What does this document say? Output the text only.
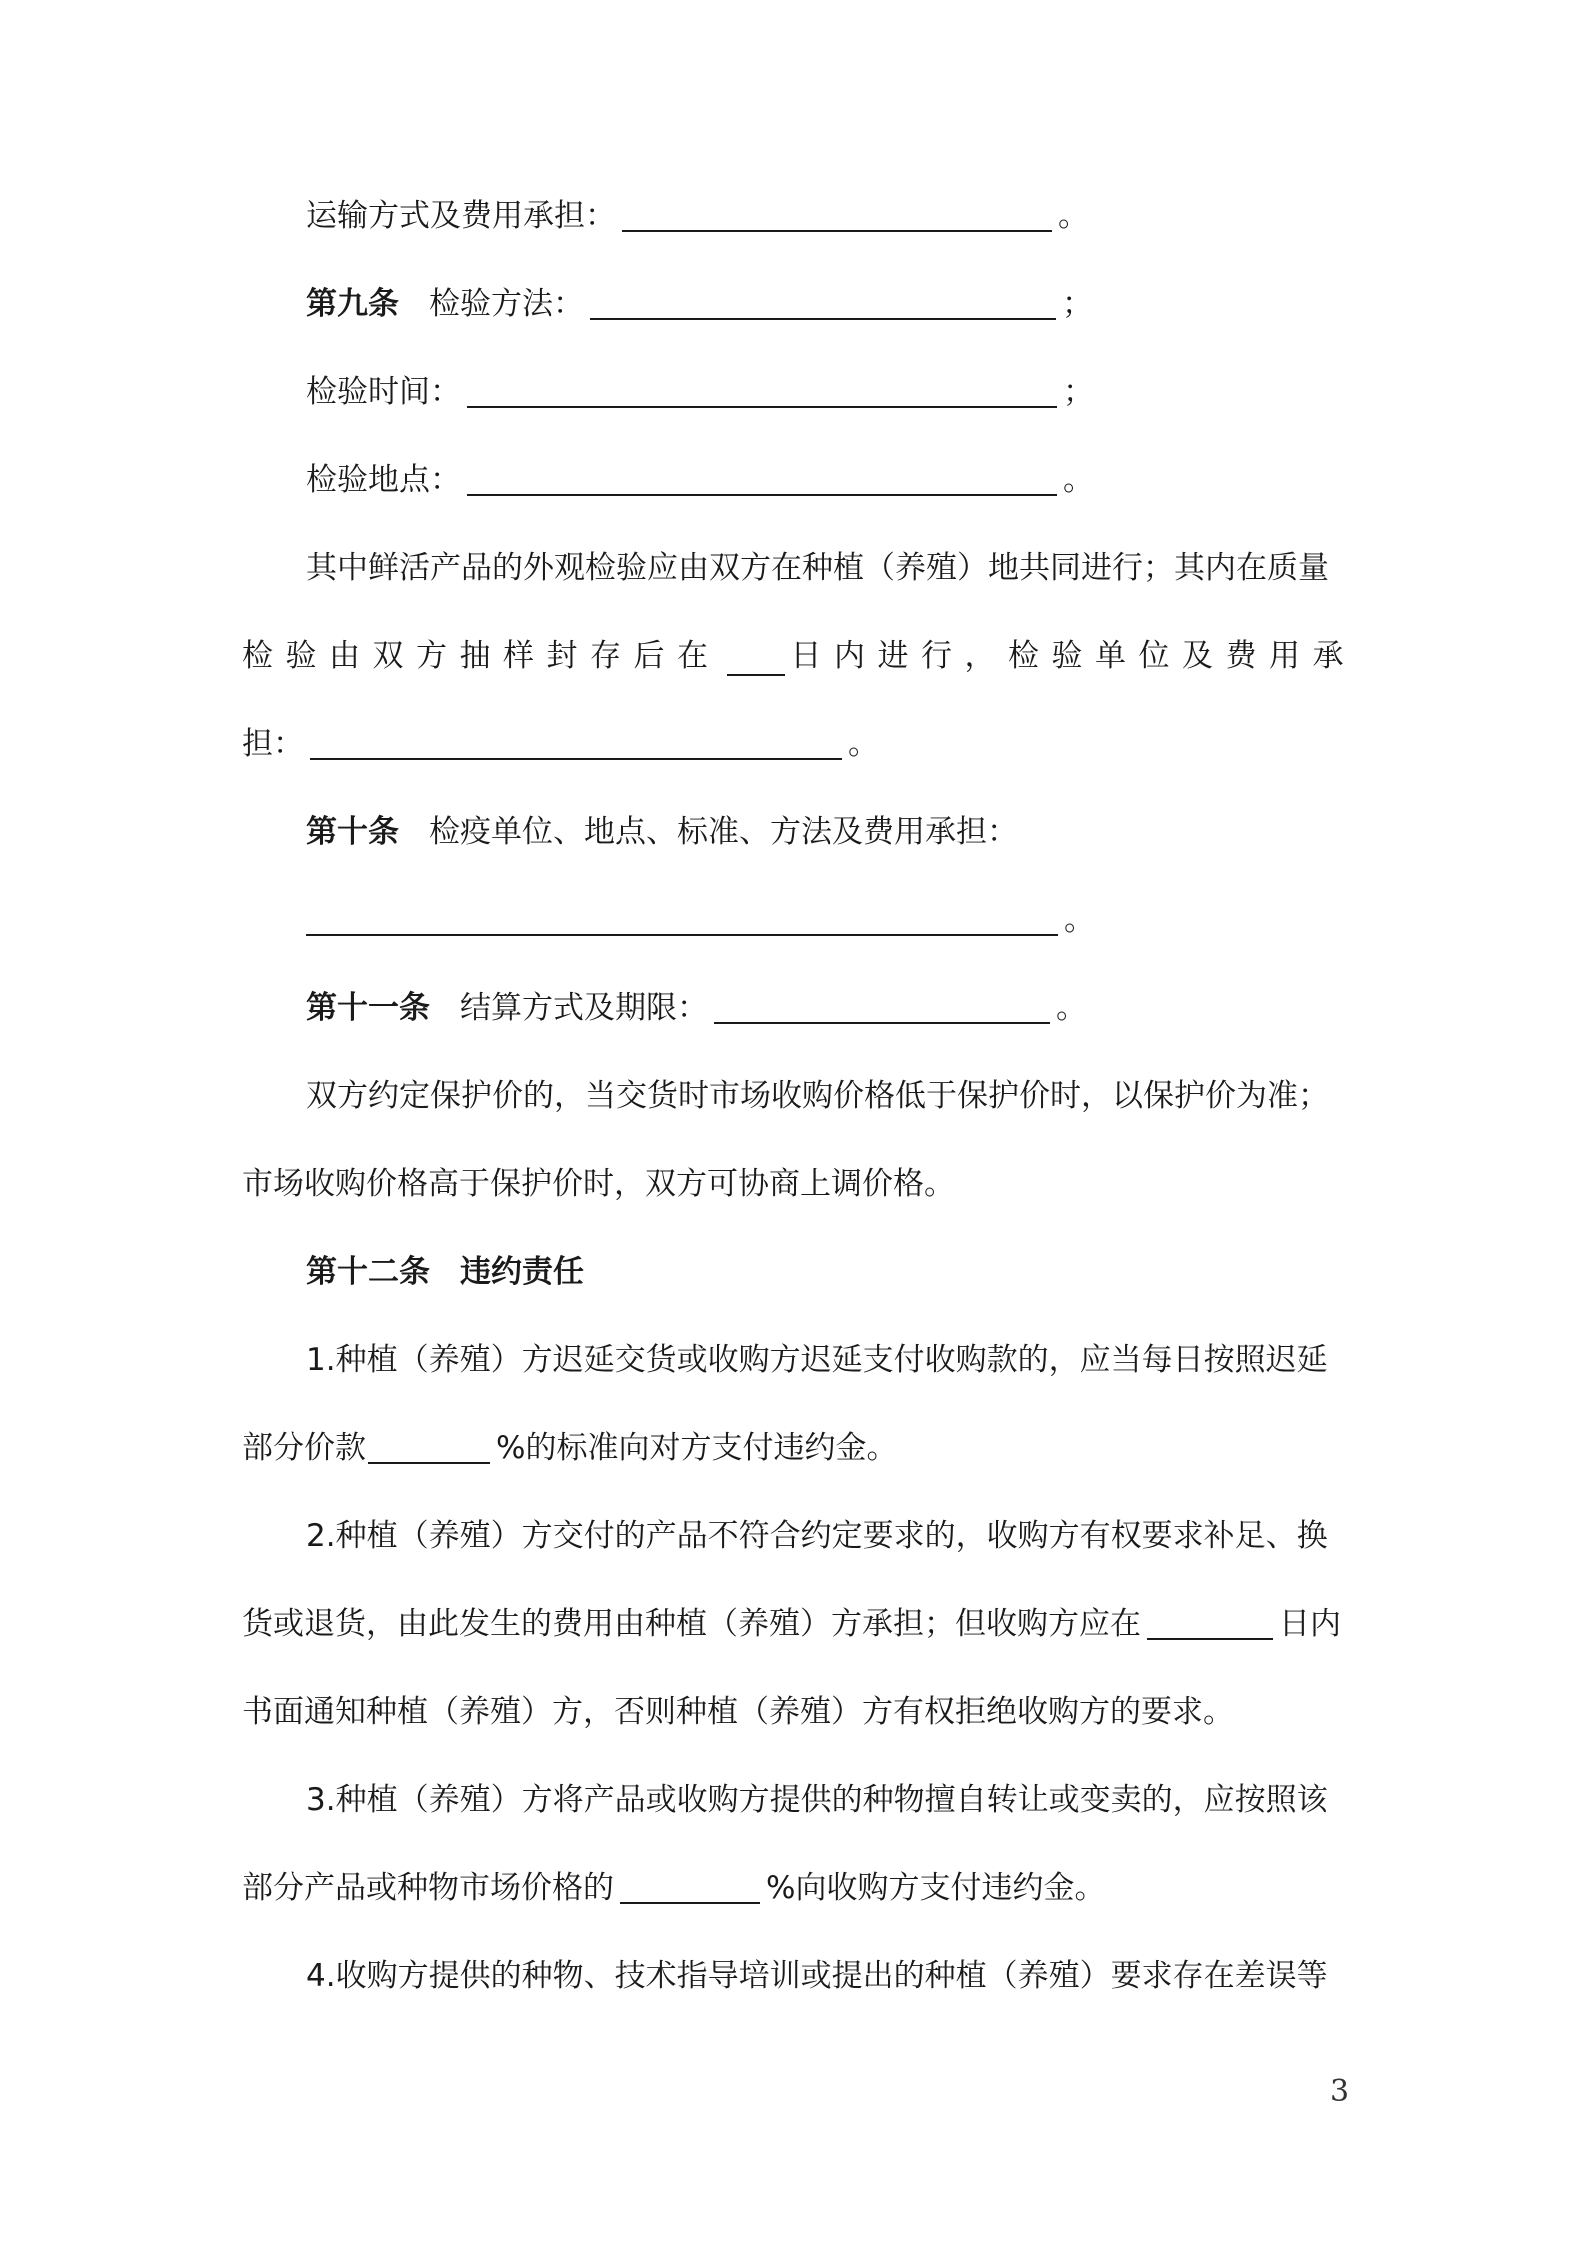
运输方式及费用承担：	。
第九条 检验方法：	；
检验时间：	；
检验地点：	。
其中鲜活产品的外观检验应由双方在种植（养殖）地共同进行；其内在质量
检验由双方抽样封存后在 日内进行，检验单位及费用承
担：	。
第十条 检疫单位、地点、标准、方法及费用承担：
。
第十一条 结算方式及期限：	。
双方约定保护价的，当交货时市场收购价格低于保护价时，以保护价为准；
市场收购价格高于保护价时，双方可协商上调价格。
第十二条 违约责任
1.种植（养殖）方迟延交货或收购方迟延支付收购款的，应当每日按照迟延
部分价款	%的标准向对方支付违约金。
2.种植（养殖）方交付的产品不符合约定要求的，收购方有权要求补足、换
货或退货，由此发生的费用由种植（养殖）方承担；但收购方应在	日内
书面通知种植（养殖）方，否则种植（养殖）方有权拒绝收购方的要求。
3.种植（养殖）方将产品或收购方提供的种物擅自转让或变卖的，应按照该
部分产品或种物市场价格的	%向收购方支付违约金。
4.收购方提供的种物、技术指导培训或提出的种植（养殖）要求存在差误等
3
